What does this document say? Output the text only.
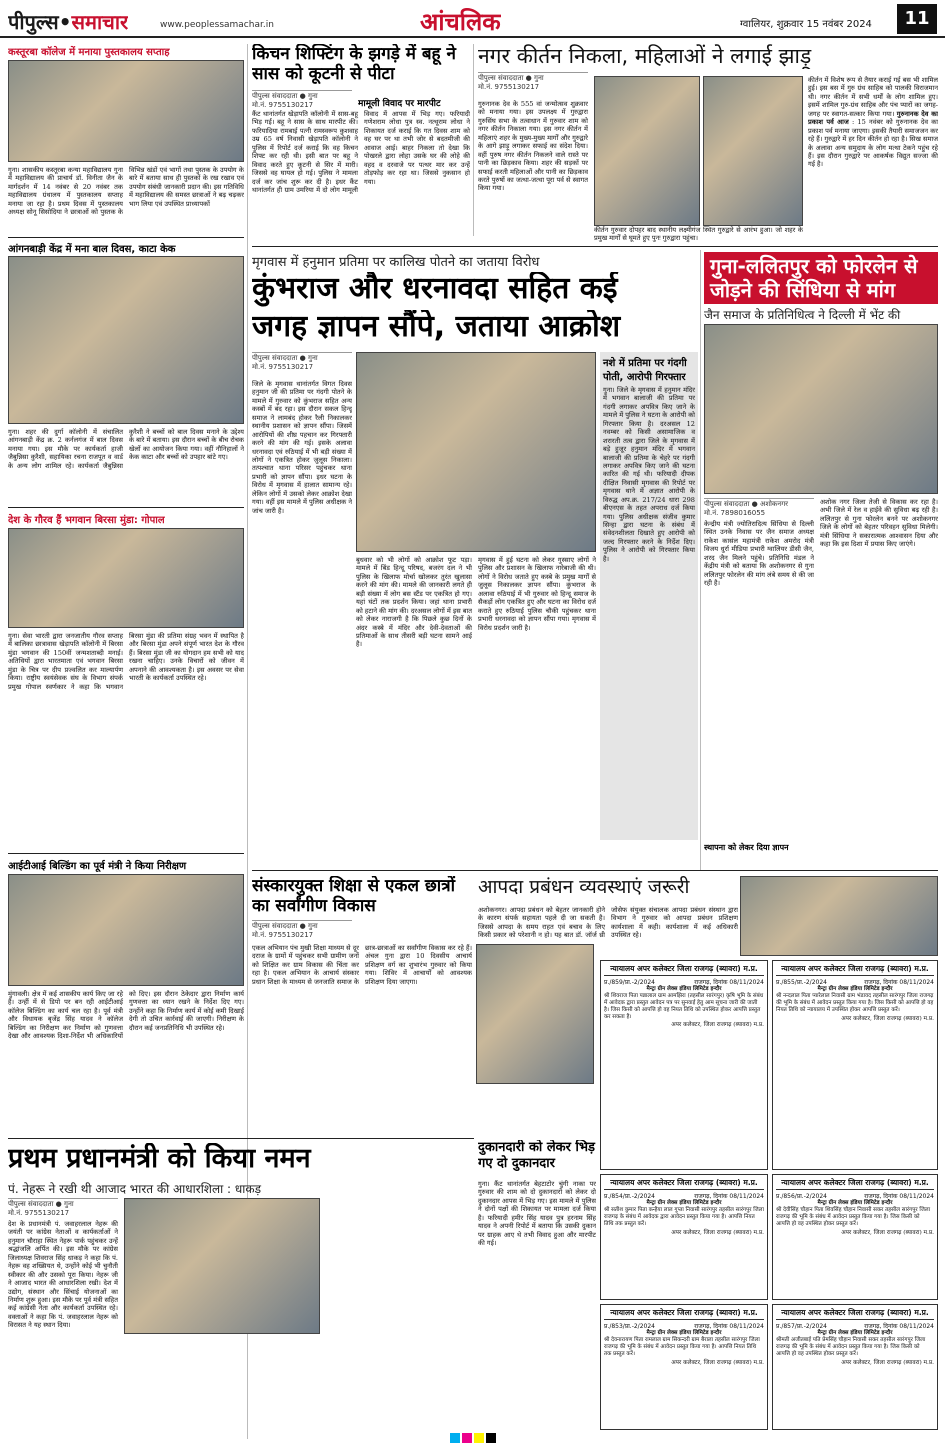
पीपुल्स•समाचार	www.peoplessamachar.in	आंचलिक	ग्वालियर, शुक्रवार 15 नवंबर 2024	11
कस्तूरबा कॉलेज में मनाया पुस्तकालय सप्ताह
गुना। शासकीय कस्तूरबा कन्या महाविद्यालय गुना में महाविद्यालय की प्राचार्य डॉ. विनीता जैन के मार्गदर्शन में 14 नवंबर से 20 नवंबर तक महाविद्यालय ग्रंथालय में पुस्तकालय सप्ताह मनाया जा रहा है। प्रथम दिवस में पुस्तकालय अध्यक्ष सोनू सिसोदिया ने छात्राओं को पुस्तक के विभिन्न खंडों एवं भागों तथा पुस्तक के उपयोग के बारे में बताया साथ ही पुस्तकों के रख रखाव एवं उपयोग संबंधी जानकारी प्रदान की। इस गतिविधि में महाविद्यालय की समस्त छात्राओं ने बढ़ चढ़कर भाग लिया एवं उपस्थित प्राध्यापकों
आंगनबाड़ी केंद्र में मना बाल दिवस, काटा केक
गुना। शहर की दुर्गा कॉलोनी में संचालित आंगनबाड़ी केंद्र क्र. 2 कर्नलगंज में बाल दिवस मनाया गया। इस मौके पर कार्यकर्ता हाजी जैबुन्निसा कुरैशी, सहायिका रचना राजपूत व वार्ड के अन्य लोग शामिल रहे। कार्यकर्ता जैबुन्निसा कुरैशी ने बच्चों को बाल दिवस मनाने के उद्देश्य के बारे में बताया। इस दौरान बच्चों के बीच रोचक खेलों का आयोजन किया गया। वहीं नौनिहालों ने केक काटा और बच्चों को उपहार बांटे गए।
देश के गौरव हैं भगवान बिरसा मुंडा: गोपाल
गुना। सेवा भारती द्वारा जनजातीय गौरव सप्ताह में बालिका छात्रावास खेड़ापति कॉलोनी में बिरसा मुंडा भगवान की 150वीं जन्मशताब्दी मनाई। अतिथियों द्वारा भारतमाता एवं भगवान बिरसा मुंडा के चित्र पर दीप प्रज्वलित कर माल्यार्पण किया। राष्ट्रीय स्वयंसेवक संघ के विभाग संपर्क प्रमुख गोपाल स्वर्णकार ने कहा कि भगवान बिरसा मुंडा की प्रतिमा संग्रह भवन में स्थापित है और बिरसा मुंडा अपने संपूर्ण भारत देश के गौरव हैं। बिरसा मुंडा जी का योगदान हम सभी को याद रखना चाहिए। उनके विचारों को जीवन में अपनाने की आवश्यकता है। इस अवसर पर सेवा भारती के कार्यकर्ता उपस्थित रहे।
आईटीआई बिल्डिंग का पूर्व मंत्री ने किया निरीक्षण
मुंगावली। क्षेत्र में कई शासकीय कार्य किए जा रहे हैं। उन्हीं में से डिपो पर बन रही आईटीआई कॉलेज बिल्डिंग का कार्य चल रहा है। पूर्व मंत्री और विधायक बृजेंद्र सिंह यादव ने कॉलेज बिल्डिंग का निरीक्षण कर निर्माण को गुणवत्ता देखा और आवश्यक दिशा-निर्देश भी अधिकारियों को दिए। इस दौरान ठेकेदार द्वारा निर्माण कार्य गुणवत्ता का ध्यान रखने के निर्देश दिए गए। उन्होंने कहा कि निर्माण कार्य में कोई कमी दिखाई देगी तो उचित कार्रवाई की जाएगी। निरीक्षण के दौरान कई जनप्रतिनिधि भी उपस्थित रहे।
किचन शिफ्टिंग के झगड़े में बहू ने सास को कूटनी से पीटा
पीपुल्स संवाददाता ● गुना
मो.नं. 9755130217	मामूली विवाद पर मारपीट
कैंट थानांतर्गत खेड़ापति कॉलोनी में सास-बहू भिड़ गईं। बहू ने सास के साथ मारपीट की। फरियादिया रामबाई पत्नी रामस्वरूप कुशवाह उम्र 65 वर्ष निवासी खेड़ापति कॉलोनी ने पुलिस में रिपोर्ट दर्ज कराई कि वह किचन शिफ्ट कर रही थी। इसी बात पर बहू ने विवाद करते हुए कूटनी से सिर में मारी। जिससे वह घायल हो गई। पुलिस ने मामला दर्ज कर जांच शुरू कर दी है। इधर कैंट थानांतर्गत ही ग्राम उमरिया में दो लोग मामूली विवाद में आपस में भिड़ गए। फरियादी गणेशराम लोधा पुत्र स्व. नत्थूराम लोधा ने शिकायत दर्ज कराई कि गत दिवस शाम को वह घर पर था तभी जोर से बदतमीजी की आवाज आई। बाहर निकला तो देखा कि पोखरले द्वारा लोहा उसके घर की लोहे की वहद व दरवाजे पर पत्थर मार कर उन्हें तोड़फोड़ कर रहा था। जिससे नुकसान हो गया।
नगर कीर्तन निकला, महिलाओं ने लगाई झाड़ू
पीपुल्स संवाददाता ● गुना
मो.नं. 9755130217
गुरुनानक देव के 555 वां जन्मोत्सव शुक्रवार को मनाया गया। इस उपलक्ष्य में गुरुद्वारा गुरुसिंघ सभा के तत्वाधान में गुरुवार शाम को नगर कीर्तन निकाला गया। इस नगर कीर्तन में महिलाएं शहर के मुख्य-मुख्य मार्गों और गुरुद्वारे के आगे झाड़ू लगाकर सफाई का संदेश दिया। वहीं पुरुष नगर कीर्तन निकलने वाले रास्ते पर पानी का छिड़काव किया। शहर की सड़कों पर सफाई करती महिलाओं और पानी का छिड़काव करते पुरुषों का जत्था-जत्था पूरा पर्व से स्वागत किया गया।
कीर्तन गुरुवार दोपहर बाद स्थानीय लक्ष्मीगंज स्थित गुरुद्वारे से आरंभ हुआ। जो शहर के प्रमुख मार्गों से घूमते हुए पुनः गुरुद्वारा पहुंचा।
कीर्तन में विशेष रूप से तैयार कराई गई बस भी शामिल हुई। इस बस में गुरु ग्रंथ साहिब को पालकी विराजमान थी। नगर कीर्तन में सभी धर्मों के लोग शामिल हुए। इसमें शामिल गुरु-ग्रंथ साहिब और पंच प्यारों का जगह-जगह पर स्वागत-सत्कार किया गया। गुरुनानक देव का प्रकाश पर्व आज : 15 नवंबर को गुरुनानक देव का प्रकाश पर्व मनाया जाएगा। इसकी तैयारी समाजजन कर रहे हैं। गुरुद्वारे में हर दिन कीर्तन हो रहा है। सिख समाज के अलावा अन्य समुदाय के लोग मत्था टेकने पहुंच रहे हैं। इस दौरान गुरुद्वारे पर आकर्षक विद्युत सज्जा की गई है।
मृगवास में हनुमान प्रतिमा पर कालिख पोतने का जताया विरोध
कुंभराज और धरनावदा सहित कई
जगह ज्ञापन सौंपे, जताया आक्रोश
पीपुल्स संवाददाता ● गुना
मो.नं. 9755130217
जिले के मृगवास थानांतर्गत विगत दिवस हनुमान जी की प्रतिमा पर गंदगी पोतने के मामले में गुरुवार को कुंभराज सहित अन्य कस्बों में बंद रहा। इस दौरान सकल हिन्दू समाज ने लामबंद होकर रैली निकालकर स्थानीय प्रशासन को ज्ञापन सौंपा। जिसमें आरोपियों की शीघ्र पहचान कर गिरफ्तारी करने की मांग की गई। इसके अलावा धरनावदा एवं रुठियाई में भी बड़ी संख्या में लोगों ने एकत्रित होकर जुलूस निकाला। तत्पश्चात थाना परिसर पहुंचकर थाना प्रभारी को ज्ञापन सौंपा। इधर घटना के विरोध में मृगवास में हालात सामान्य रहे। लेकिन लोगों में उसको लेकर आक्रोश देखा गया। वहीं इस मामले में पुलिस अधीक्षक ने जांच जारी है।
बुधवार को भी लोगों को आक्रोश फूट पड़ा। मामले में बिंड हिन्दू परिषद, बजरंग दल ने भी पुलिस के खिलाफ मोर्चा खोलकर तुरंत खुलासा करने की मांग की। मामले की जानकारी लगते ही बड़ी संख्या में लोग बस स्टैंड पर एकत्रित हो गए। यहां घंटों तक प्रदर्शन किया। जहां थाना प्रभारी को हटाने की मांग की। दरअसल लोगों में इस बात को लेकर नाराजगी है कि पिछले कुछ दिनों के अंदर कस्बे में मंदिर और देवी-देवताओं की प्रतिमाओं के साथ तीसरी बड़ी घटना सामने आई है।
मृगवास में हुई घटना को लेकर गुस्साए लोगों ने पुलिस और प्रशासन के खिलाफ नारेबाजी की थी। लोगों ने विरोध जताते हुए कस्बे के प्रमुख मार्गों से जुलूस निकालकर ज्ञापन सौंपा। कुंभराज के अलावा रुठियाई में भी गुरुवार को हिन्दू समाज के सैकड़ों लोग एकत्रित हुए और घटना का विरोध दर्ज कराते हुए रुठियाई पुलिस चौकी पहुंचकर थाना प्रभारी धरनावदा को ज्ञापन सौंपा गया। मृगवास में विरोध प्रदर्शन जारी है।
नशे में प्रतिमा पर गंदगी पोती, आरोपी गिरफ्तार
गुना। जिले के मृगवास में हनुमान मंदिर में भगवान बालाजी की प्रतिमा पर गंदगी लगाकर अपवित्र किए जाने के मामले में पुलिस ने घटना के आरोपी को गिरफ्तार किया है। दरअसल 12 नवम्बर को किसी असामाजिक व शरारती तत्व द्वारा जिले के मृगवास में बड़े हुजूर हनुमान मंदिर में भगवान बालाजी की प्रतिमा के चेहरे पर गंदगी लगाकर अपवित्र किए जाने की घटना कारित की गई थी। फरियादी दीपक दीक्षित निवासी मृगवास की रिपोर्ट पर मृगवास थाने में अज्ञात आरोपी के विरुद्ध अप.क्र. 217/24 धारा 298 बीएनएस के तहत अपराध दर्ज किया गया। पुलिस अधीक्षक संजीव कुमार सिन्हा द्वारा घटना के संबंध में संवेदनशीलता दिखाते हुए आरोपी को जल्द गिरफ्तार करने के निर्देश दिए। पुलिस ने आरोपी को गिरफ्तार किया है।
गुना-ललितपुर को फोरलेन से जोड़ने की सिंधिया से मांग
जैन समाज के प्रतिनिधित्व ने दिल्ली में भेंट की
पीपुल्स संवाददाता ● अशोकनगर
मो.नं. 7898016055
केन्द्रीय मंत्री ज्योतिरादित्य सिंधिया से दिल्ली स्थित उनके निवास पर जैन समाज अध्यक्ष राकेश कासंल महामंत्री राकेश अमरोद मंत्री विजय धुर्रा मीडिया प्रभारी ग्वालियर डीसी जैन, शरद जैन मिलने पहुंचे। प्रतिनिधि मंडल ने केंद्रीय मंत्री को बताया कि अशोकनगर से गुना ललितपुर फोरलेन की मांग लंबे समय से की जा रही है।
स्थापना को लेकर दिया ज्ञापन
अशोक नगर जिला तेजी से विकास कर रहा है। अभी जिले में रेल व हाईवे की सुविधा बढ़ रही है। ललितपुर से गुना फोरलेन बनने पर अशोकनगर जिले के लोगों को बेहतर परिवहन सुविधा मिलेगी। मंत्री सिंधिया ने सकारात्मक आश्वासन दिया और कहा कि इस दिशा में प्रयास किए जाएंगे।
संस्कारयुक्त शिक्षा से एकल छात्रों का सर्वांगीण विकास
पीपुल्स संवाददाता ● गुना
मो.नं. 9755130217
एकल अभियान पंच मुखी शिक्षा माध्यम से दूर दराज के ग्रामों में पहुंचकर सभी ग्रामीण जनों को शिक्षित कर ग्राम विकास की चिंता कर रहा है। एकल अभियान के आचार्य संस्कार प्रधान शिक्षा के माध्यम से जनजाति समाज के छात्र-छात्राओं का सर्वांगीण विकास कर रहे हैं। अंचल गुना द्वारा 10 दिवसीय आचार्य प्रशिक्षण वर्ग का शुभारंभ गुरुवार को किया गया। शिविर में आचार्यों को आवश्यक प्रशिक्षण दिया जाएगा।
आपदा प्रबंधन व्यवस्थाएं जरूरी
अशोकनगर। आपदा प्रबंधन को बेहतर जानकारी होने के कारण संपर्क सहायता पहले दी जा सकती है। जिससे आपदा के समय राहत एवं बचाव के लिए किसी प्रकार को परेशानी न हो। यह बात डॉ. जॉर्ज थ्री जोसेफ संयुक्त संचालक आपदा प्रबंधन संस्थान द्वारा विभाग ने गुरुवार को आपदा प्रबंधन प्रशिक्षण कार्यशाला में कही। कार्यशाला में कई अधिकारी उपस्थित रहे।
न्यायालय अपर कलेक्टर जिला राजगढ़ (ब्यावरा) म.प्र.
प्र./859/प्रा.-2/2024	राजगढ़, दिनांक 08/11/2024
मैन्ट्रा ग्रीन लेक्स इंडिया लिमिटेड इन्दौर
श्री शिवराज पिता पन्नालाल ग्राम आमझिरा (तहसील सारंगपुर) कृषि भूमि के संबंध में आवेदक द्वारा प्रस्तुत आवेदन पत्र पर सुनवाई हेतु आम सूचना जारी की जाती है। जिस किसी को आपत्ति हो वह नियत तिथि को उपस्थित होकर आपत्ति प्रस्तुत कर सकता है।
अपर कलेक्टर, जिला राजगढ़ (ब्यावरा) म.प्र.
न्यायालय अपर कलेक्टर जिला राजगढ़ (ब्यावरा) म.प्र.
प्र./855/प्रा.-2/2024	राजगढ़, दिनांक 08/11/2024
मैन्ट्रा ग्रीन लेक्स इंडिया लिमिटेड इन्दौर
श्री नन्दलाल पिता प्यारेलाल निवासी ग्राम भंडावद तहसील सारंगपुर जिला राजगढ़ की भूमि के संबंध में आवेदन प्रस्तुत किया गया है। जिस किसी को आपत्ति हो वह नियत तिथि को न्यायालय में उपस्थित होकर आपत्ति प्रस्तुत करें।
अपर कलेक्टर, जिला राजगढ़ (ब्यावरा) म.प्र.
न्यायालय अपर कलेक्टर जिला राजगढ़ (ब्यावरा) म.प्र.
प्र./854/प्रा.-2/2024	राजगढ़, दिनांक 08/11/2024
मैन्ट्रा ग्रीन लेक्स इंडिया लिमिटेड इन्दौर
श्री सतीश कुमार पिता कन्हैया लाल गुप्ता निवासी सारंगपुर तहसील सारंगपुर जिला राजगढ़ के संबंध में आवेदक द्वारा आवेदन प्रस्तुत किया गया है। आपत्ति नियत तिथि तक प्रस्तुत करें।
अपर कलेक्टर, जिला राजगढ़ (ब्यावरा) म.प्र.
न्यायालय अपर कलेक्टर जिला राजगढ़ (ब्यावरा) म.प्र.
प्र./856/प्रा.-2/2024	राजगढ़, दिनांक 08/11/2024
मैन्ट्रा ग्रीन लेक्स इंडिया लिमिटेड इन्दौर
श्री देवीसिंह चौहान पिता शिवसिंह चौहान निवासी सकर तहसील सारंगपुर जिला राजगढ़ की भूमि के संबंध में आवेदन प्रस्तुत किया गया है। जिस किसी को आपत्ति हो वह उपस्थित होकर प्रस्तुत करें।
अपर कलेक्टर, जिला राजगढ़ (ब्यावरा) म.प्र.
न्यायालय अपर कलेक्टर जिला राजगढ़ (ब्यावरा) म.प्र.
प्र./853/प्रा.-2/2024	राजगढ़, दिनांक 08/11/2024
मैन्ट्रा ग्रीन लेक्स इंडिया लिमिटेड इन्दौर
श्री देवनारायण पिता रामलाल ग्राम सिकन्दरी ग्राम बैराला तहसील सारंगपुर जिला राजगढ़ की भूमि के संबंध में आवेदन प्रस्तुत किया गया है। आपत्ति नियत तिथि तक प्रस्तुत करें।
अपर कलेक्टर, जिला राजगढ़ (ब्यावरा) म.प्र.
न्यायालय अपर कलेक्टर जिला राजगढ़ (ब्यावरा) म.प्र.
प्र./857/प्रा.-2/2024	राजगढ़, दिनांक 08/11/2024
मैन्ट्रा ग्रीन लेक्स इंडिया लिमिटेड इन्दौर
श्रीमती अजीतबाई पति प्रेमसिंह चौहान निवासी सकर तहसील सारंगपुर जिला राजगढ़ की भूमि के संबंध में आवेदन प्रस्तुत किया गया है। जिस किसी को आपत्ति हो वह उपस्थित होकर प्रस्तुत करें।
अपर कलेक्टर, जिला राजगढ़ (ब्यावरा) म.प्र.
दुकानदारी को लेकर भिड़ गए दो दुकानदार
गुना। कैंट थानांतर्गत बेहटाटोर चुंगी नाका पर गुरुवार की शाम को दो दुकानदारों को लेकर दो दुकानदार आपस में भिड़ गए। इस मामले में पुलिस ने दोनों पक्षों की शिकायत पर मामला दर्ज किया है। फरियादी हमीर सिंह यादव पुत्र हरनाम सिंह यादव ने अपनी रिपोर्ट में बताया कि उसकी दुकान पर ग्राहक आए थे तभी विवाद हुआ और मारपीट की गई।
प्रथम प्रधानमंत्री को किया नमन
पं. नेहरू ने रखी थी आजाद भारत की आधारशिला : धाकड़
पीपुल्स संवाददाता ● गुना
मो.नं. 9755130217
देश के प्रधानमंत्री पं. जवाहरलाल नेहरू की जयंती पर कांग्रेस नेताओं व कार्यकर्ताओं ने हनुमान चौराहा स्थित नेहरू पार्क पहुंचकर उन्हें श्रद्धांजलि अर्पित की। इस मौके पर कांग्रेस जिलाध्यक्ष शिवराज सिंह धाकड़ ने कहा कि पं. नेहरू वह शख्सियत थे, उन्होंने कोई भी चुनौती स्वीकार की और उसको पूरा किया। नेहरू जी ने आजाद भारत की आधारशिला रखी। देश में उद्योग, संस्थान और सिंचाई योजनाओं का निर्माण शुरू हुआ। इस मौके पर पूर्व मंत्री सहित कई कांग्रेसी नेता और कार्यकर्ता उपस्थित रहे। वक्ताओं ने कहा कि पं. जवाहरलाल नेहरू को विरासत ने यह स्थान दिया।
